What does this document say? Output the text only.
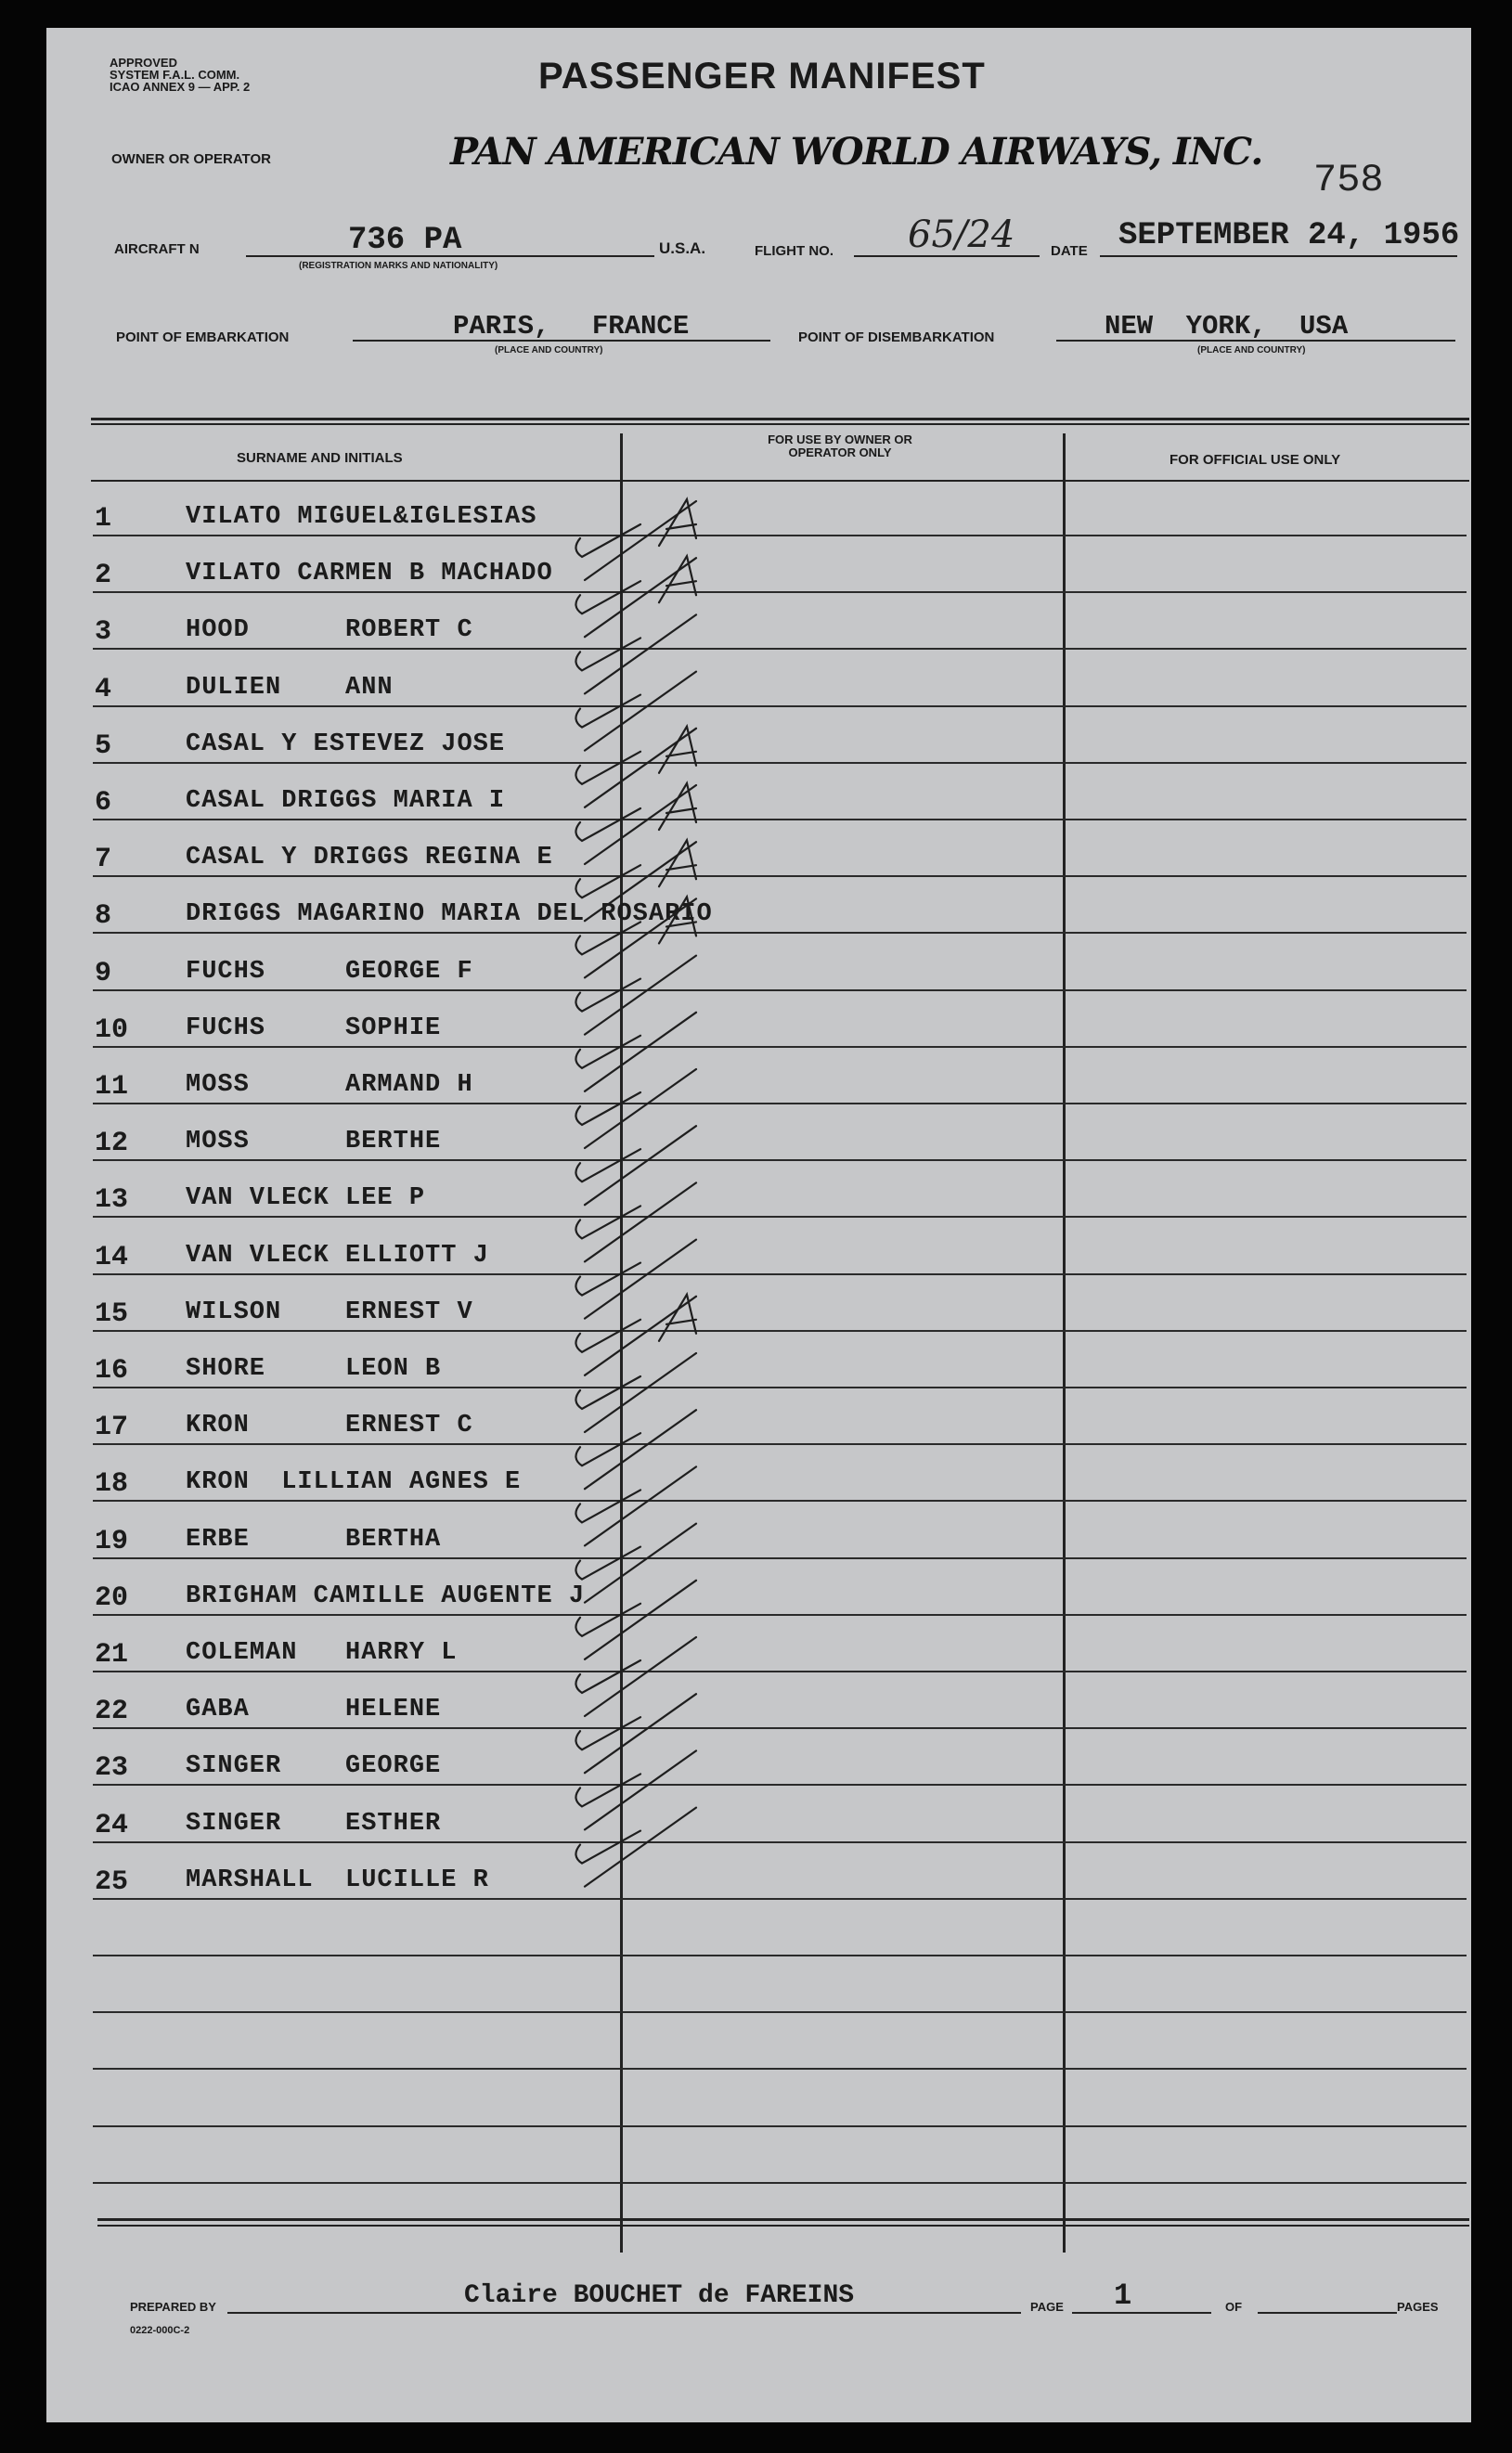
APPROVED
SYSTEM F.A.L. COMM.
ICAO ANNEX 9 — APP. 2	PASSENGER MANIFEST
OWNER OR OPERATOR	PAN AMERICAN WORLD AIRWAYS, INC.
758
AIRCRAFT N	736 PA
(REGISTRATION MARKS AND NATIONALITY)
U.S.A.	FLIGHT NO. 65/24	DATE SEPTEMBER 24, 1956
POINT OF EMBARKATION	PARIS, FRANCE
(PLACE AND COUNTRY)
POINT OF DISEMBARKATION	NEW YORK, USA
(PLACE AND COUNTRY)
SURNAME AND INITIALS
FOR USE BY OWNER OR OPERATOR ONLY	FOR OFFICIAL USE ONLY
1	VILATO MIGUEL&IGLESIAS
2	VILATO CARMEN B MACHADO
3	HOOD      ROBERT C
4	DULIEN    ANN
5	CASAL Y ESTEVEZ JOSE
6	CASAL DRIGGS MARIA I
7	CASAL Y DRIGGS REGINA E
8	DRIGGS MAGARINO MARIA DEL ROSARIO
9	FUCHS     GEORGE F
10 FUCHS     SOPHIE
11 MOSS      ARMAND H
12 MOSS      BERTHE
13 VAN VLECK LEE P
14 VAN VLECK ELLIOTT J
15 WILSON    ERNEST V
16 SHORE     LEON B
17 KRON      ERNEST C
18 KRON  LILLIAN AGNES E
19 ERBE      BERTHA
20 BRIGHAM CAMILLE AUGENTE J
21 COLEMAN   HARRY L
22 GABA      HELENE
23 SINGER    GEORGE
24 SINGER    ESTHER
25 MARSHALL  LUCILLE R
PREPARED BY	Claire BOUCHET de FAREINS	PAGE 1	OF	PAGES
0222-000C-2
